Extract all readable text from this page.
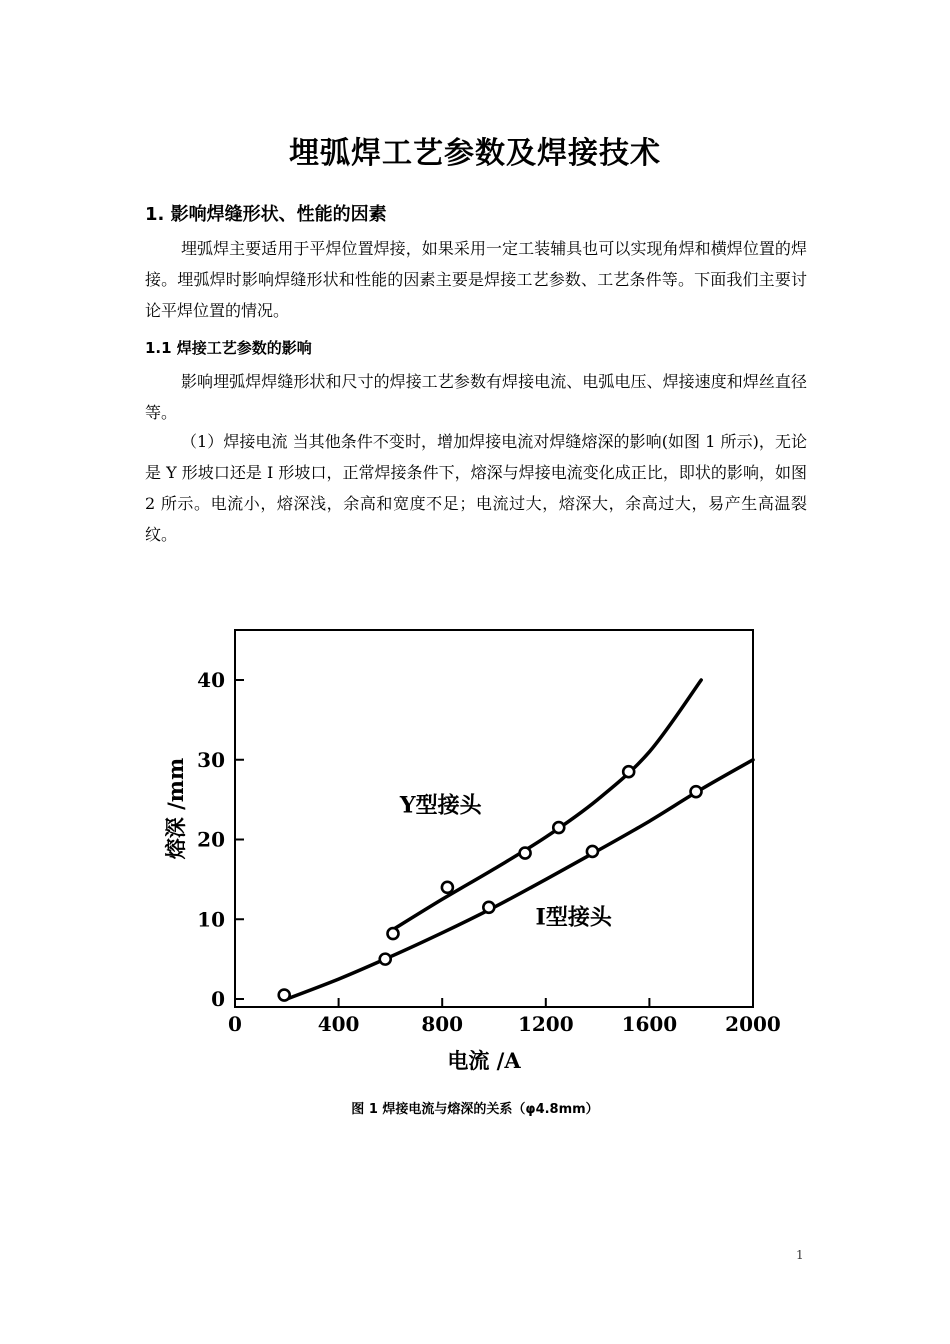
埋弧焊工艺参数及焊接技术
1. 影响焊缝形状、性能的因素
埋弧焊主要适用于平焊位置焊接，如果采用一定工装辅具也可以实现角焊和横焊位置的焊接。埋弧焊时影响焊缝形状和性能的因素主要是焊接工艺参数、工艺条件等。下面我们主要讨论平焊位置的情况。
1.1 焊接工艺参数的影响
影响埋弧焊焊缝形状和尺寸的焊接工艺参数有焊接电流、电弧电压、焊接速度和焊丝直径等。
（1）焊接电流 当其他条件不变时，增加焊接电流对焊缝熔深的影响(如图 1 所示)，无论是 Y 形坡口还是 I 形坡口，正常焊接条件下，熔深与焊接电流变化成正比，即状的影响，如图 2 所示。电流小，熔深浅，余高和宽度不足；电流过大，熔深大，余高过大，易产生高温裂纹。
0	400	800	1200 1600 2000
0
10
20
30
40
电流 /A
熔深 /mm	Y型接头
I型接头
图 1 焊接电流与熔深的关系（φ4.8mm）
1
